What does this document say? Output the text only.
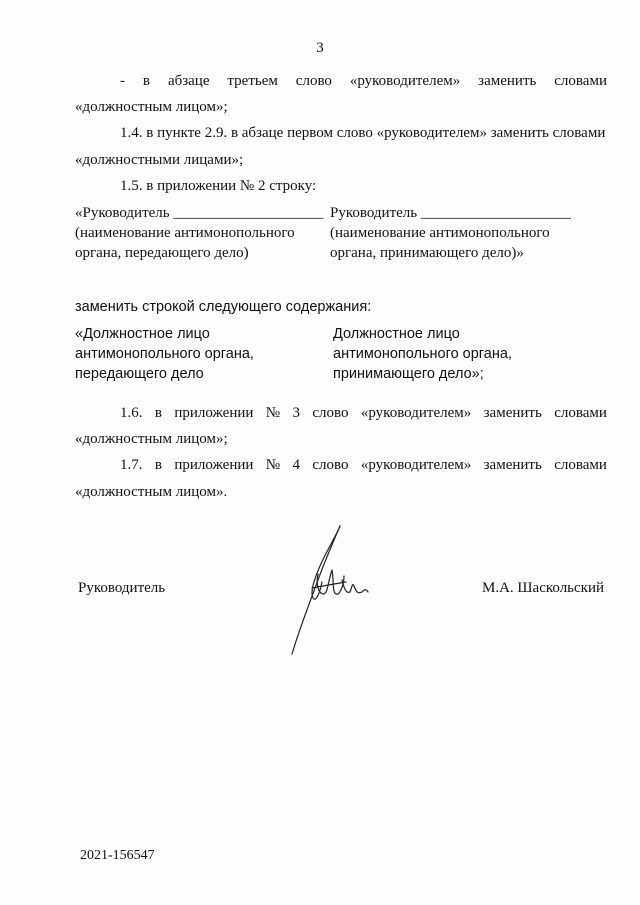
3
- в абзаце третьем слово «руководителем» заменить словами
«должностным лицом»;
1.4. в пункте 2.9. в абзаце первом слово «руководителем» заменить словами
«должностными лицами»;
1.5. в приложении № 2 строку:
«Руководитель ____________________
(наименование антимонопольного
органа, передающего дело)
Руководитель ____________________
(наименование антимонопольного
органа, принимающего дело)»
заменить строкой следующего содержания:
«Должностное лицо
антимонопольного органа,
передающего дело
Должностное лицо
антимонопольного органа,
принимающего дело»;
1.6. в приложении № 3 слово «руководителем» заменить словами
«должностным лицом»;
1.7. в приложении № 4 слово «руководителем» заменить словами
«должностным лицом».
Руководитель	М.А. Шаскольский
2021-156547
